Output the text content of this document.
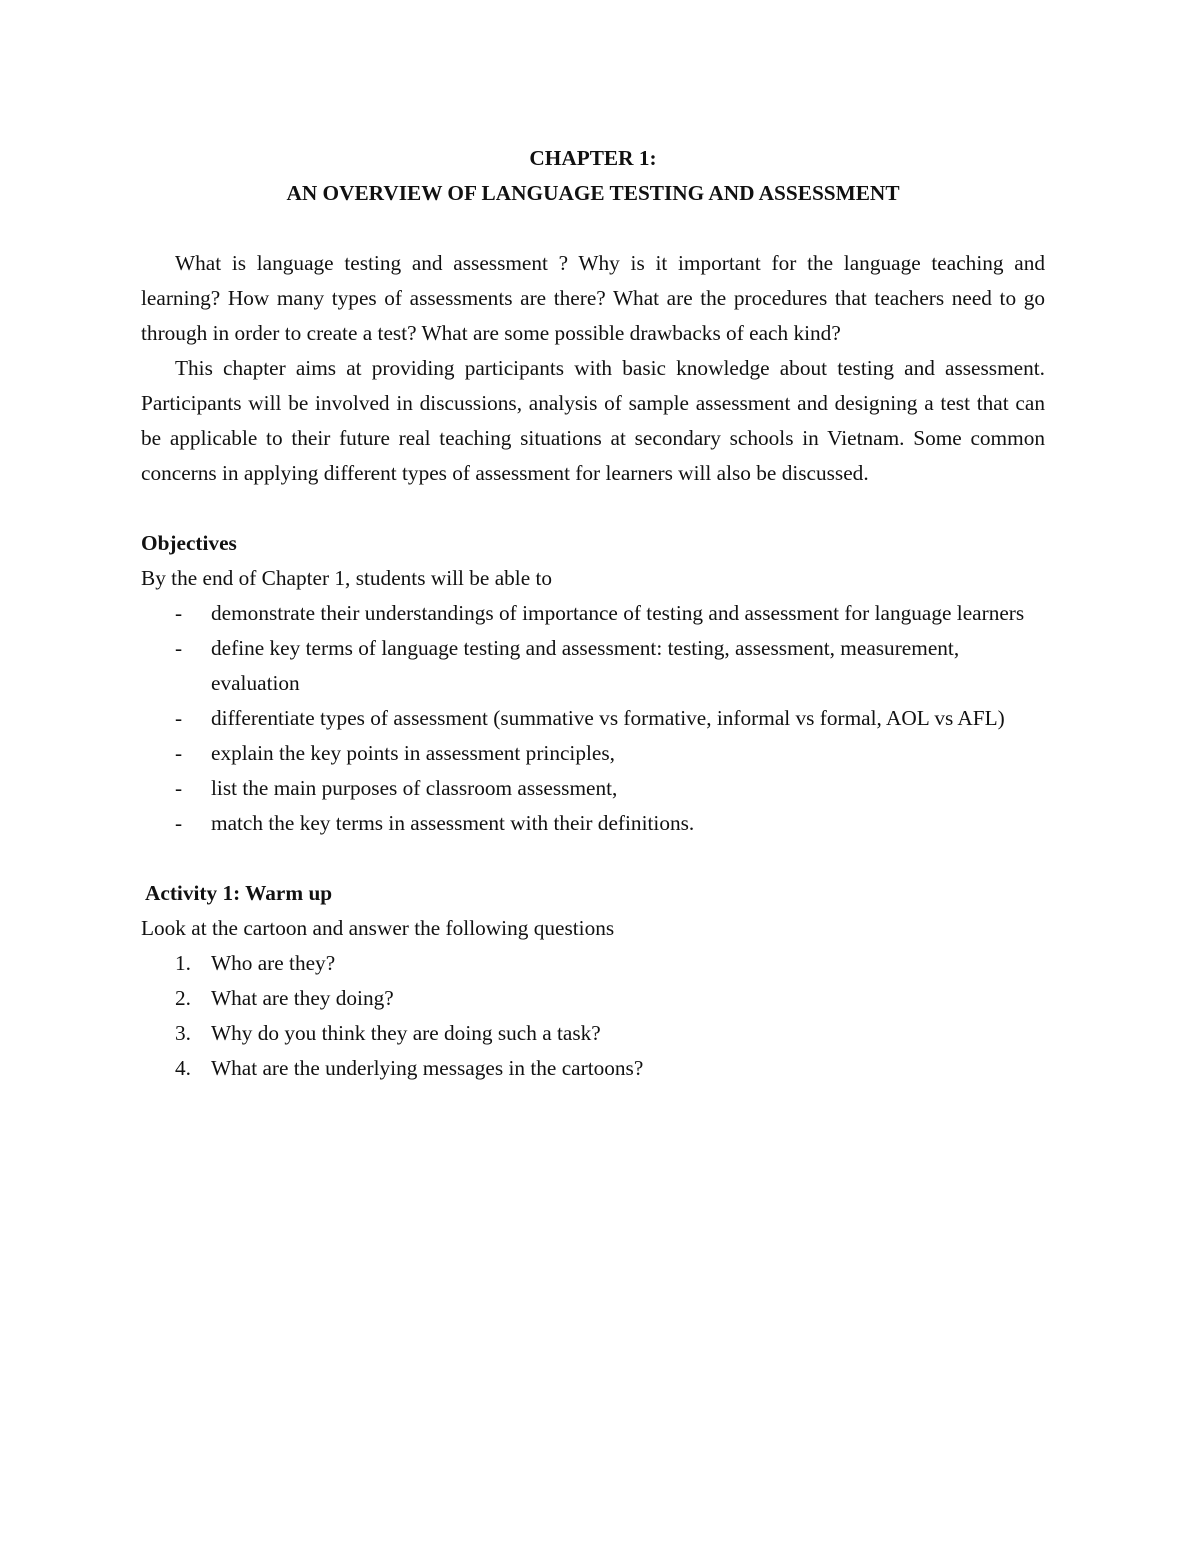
CHAPTER 1:

AN OVERVIEW OF LANGUAGE TESTING AND ASSESSMENT

What is language testing and assessment ? Why is it important for the language teaching and learning? How many types of assessments are there? What are the procedures that teachers need to go through in order to create a test? What are some possible drawbacks of each kind?

This chapter aims at providing participants with basic knowledge about testing and assessment. Participants will be involved in discussions, analysis of sample assessment and designing a test that can be applicable to their future real teaching situations at secondary schools in Vietnam. Some common concerns in applying different types of assessment for learners will also be discussed.

Objectives

By the end of Chapter 1, students will be able to

-	demonstrate their understandings of importance of testing and assessment for language learners
-	define key terms of language testing and assessment: testing, assessment, measurement, evaluation
-	differentiate types of assessment (summative vs formative, informal vs formal, AOL vs AFL)
-	explain the key points in assessment principles,
-	list the main purposes of classroom assessment,
-	match the key terms in assessment with their definitions.

Activity 1: Warm up

Look at the cartoon and answer the following questions

1. Who are they?
2. What are they doing?
3. Why do you think they are doing such a task?
4. What are the underlying messages in the cartoons?
